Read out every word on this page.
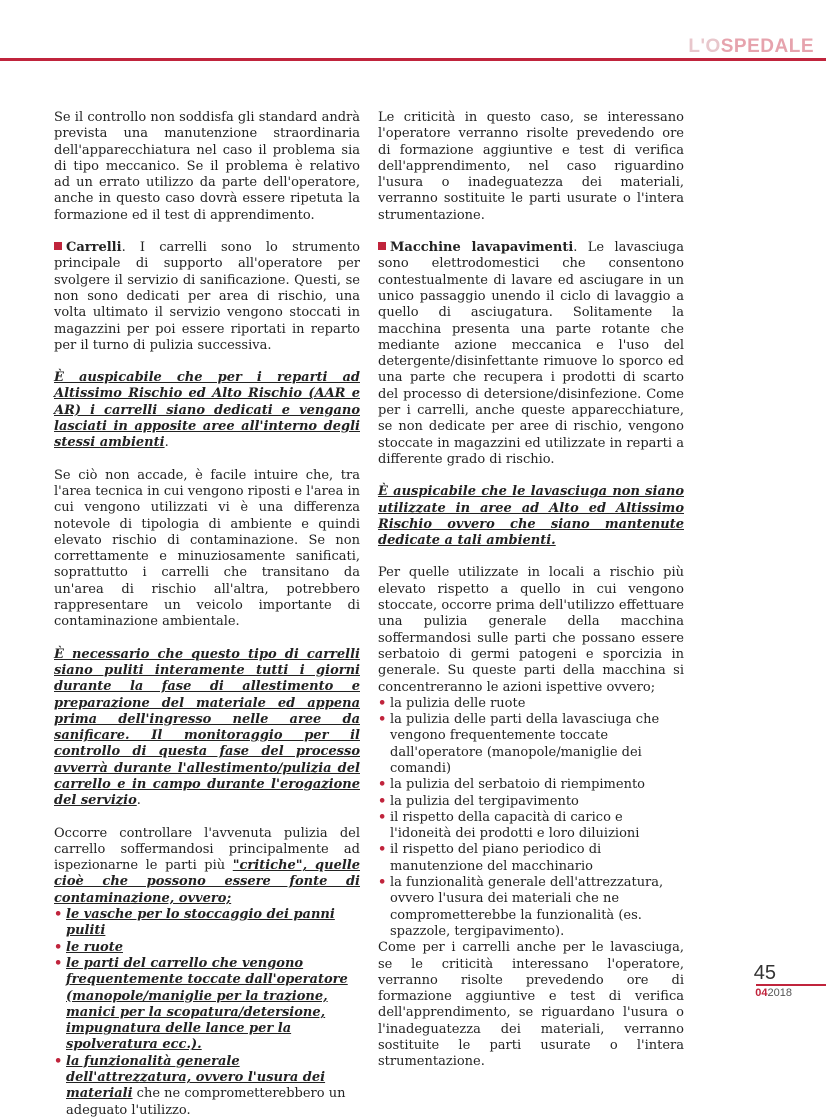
L'OSPEDALE

Se il controllo non soddisfa gli standard andrà prevista una manutenzione straordinaria dell'apparecchiatura nel caso il problema sia di tipo meccanico. Se il problema è relativo ad un errato utilizzo da parte dell'operatore, anche in questo caso dovrà essere ripetuta la formazione ed il test di apprendimento.

Carrelli. I carrelli sono lo strumento principale di supporto all'operatore per svolgere il servizio di sanificazione. Questi, se non sono dedicati per area di rischio, una volta ultimato il servizio vengono stoccati in magazzini per poi essere riportati in reparto per il turno di pulizia successiva.

È auspicabile che per i reparti ad Altissimo Rischio ed Alto Rischio (AAR e AR) i carrelli siano dedicati e vengano lasciati in apposite aree all'interno degli stessi ambienti.

Se ciò non accade, è facile intuire che, tra l'area tecnica in cui vengono riposti e l'area in cui vengono utilizzati vi è una differenza notevole di tipologia di ambiente e quindi elevato rischio di contaminazione. Se non correttamente e minuziosamente sanificati, soprattutto i carrelli che transitano da un'area di rischio all'altra, potrebbero rappresentare un veicolo importante di contaminazione ambientale.

È necessario che questo tipo di carrelli siano puliti interamente tutti i giorni durante la fase di allestimento e preparazione del materiale ed appena prima dell'ingresso nelle aree da sanificare. Il monitoraggio per il controllo di questa fase del processo avverrà durante l'allestimento/pulizia del carrello e in campo durante l'erogazione del servizio.

Occorre controllare l'avvenuta pulizia del carrello soffermandosi principalmente ad ispezionarne le parti più "critiche", quelle cioè che possono essere fonte di contaminazione, ovvero;

• le vasche per lo stoccaggio dei panni puliti
• le ruote
• le parti del carrello che vengono frequentemente toccate dall'operatore (manopole/maniglie per la trazione, manici per la scopatura/detersione, impugnatura delle lance per la spolveratura ecc.).
• la funzionalità generale dell'attrezzatura, ovvero l'usura dei materiali che ne comprometterebbero un adeguato l'utilizzo.

Le criticità in questo caso, se interessano l'operatore verranno risolte prevedendo ore di formazione aggiuntive e test di verifica dell'apprendimento, nel caso riguardino l'usura o inadeguatezza dei materiali, verranno sostituite le parti usurate o l'intera strumentazione.

Macchine lavapavimenti. Le lavasciuga sono elettrodomestici che consentono contestualmente di lavare ed asciugare in un unico passaggio unendo il ciclo di lavaggio a quello di asciugatura. Solitamente la macchina presenta una parte rotante che mediante azione meccanica e l'uso del detergente/disinfettante rimuove lo sporco ed una parte che recupera i prodotti di scarto del processo di detersione/disinfezione. Come per i carrelli, anche queste apparecchiature, se non dedicate per aree di rischio, vengono stoccate in magazzini ed utilizzate in reparti a differente grado di rischio.

È auspicabile che le lavasciuga non siano utilizzate in aree ad Alto ed Altissimo Rischio ovvero che siano mantenute dedicate a tali ambienti.

Per quelle utilizzate in locali a rischio più elevato rispetto a quello in cui vengono stoccate, occorre prima dell'utilizzo effettuare una pulizia generale della macchina soffermandosi sulle parti che possano essere serbatoio di germi patogeni e sporcizia in generale. Su queste parti della macchina si concentreranno le azioni ispettive ovvero;

• la pulizia delle ruote
• la pulizia delle parti della lavasciuga che vengono frequentemente toccate dall'operatore (manopole/maniglie dei comandi)
• la pulizia del serbatoio di riempimento
• la pulizia del tergipavimento
• il rispetto della capacità di carico e l'idoneità dei prodotti e loro diluizioni
• il rispetto del piano periodico di manutenzione del macchinario
• la funzionalità generale dell'attrezzatura, ovvero l'usura dei materiali che ne comprometterebbe la funzionalità (es. spazzole, tergipavimento).

Come per i carrelli anche per le lavasciuga, se le criticità interessano l'operatore, verranno risolte prevedendo ore di formazione aggiuntive e test di verifica dell'apprendimento, se riguardano l'usura o l'inadeguatezza dei materiali, verranno sostituite le parti usurate o l'intera strumentazione.

45
042018
